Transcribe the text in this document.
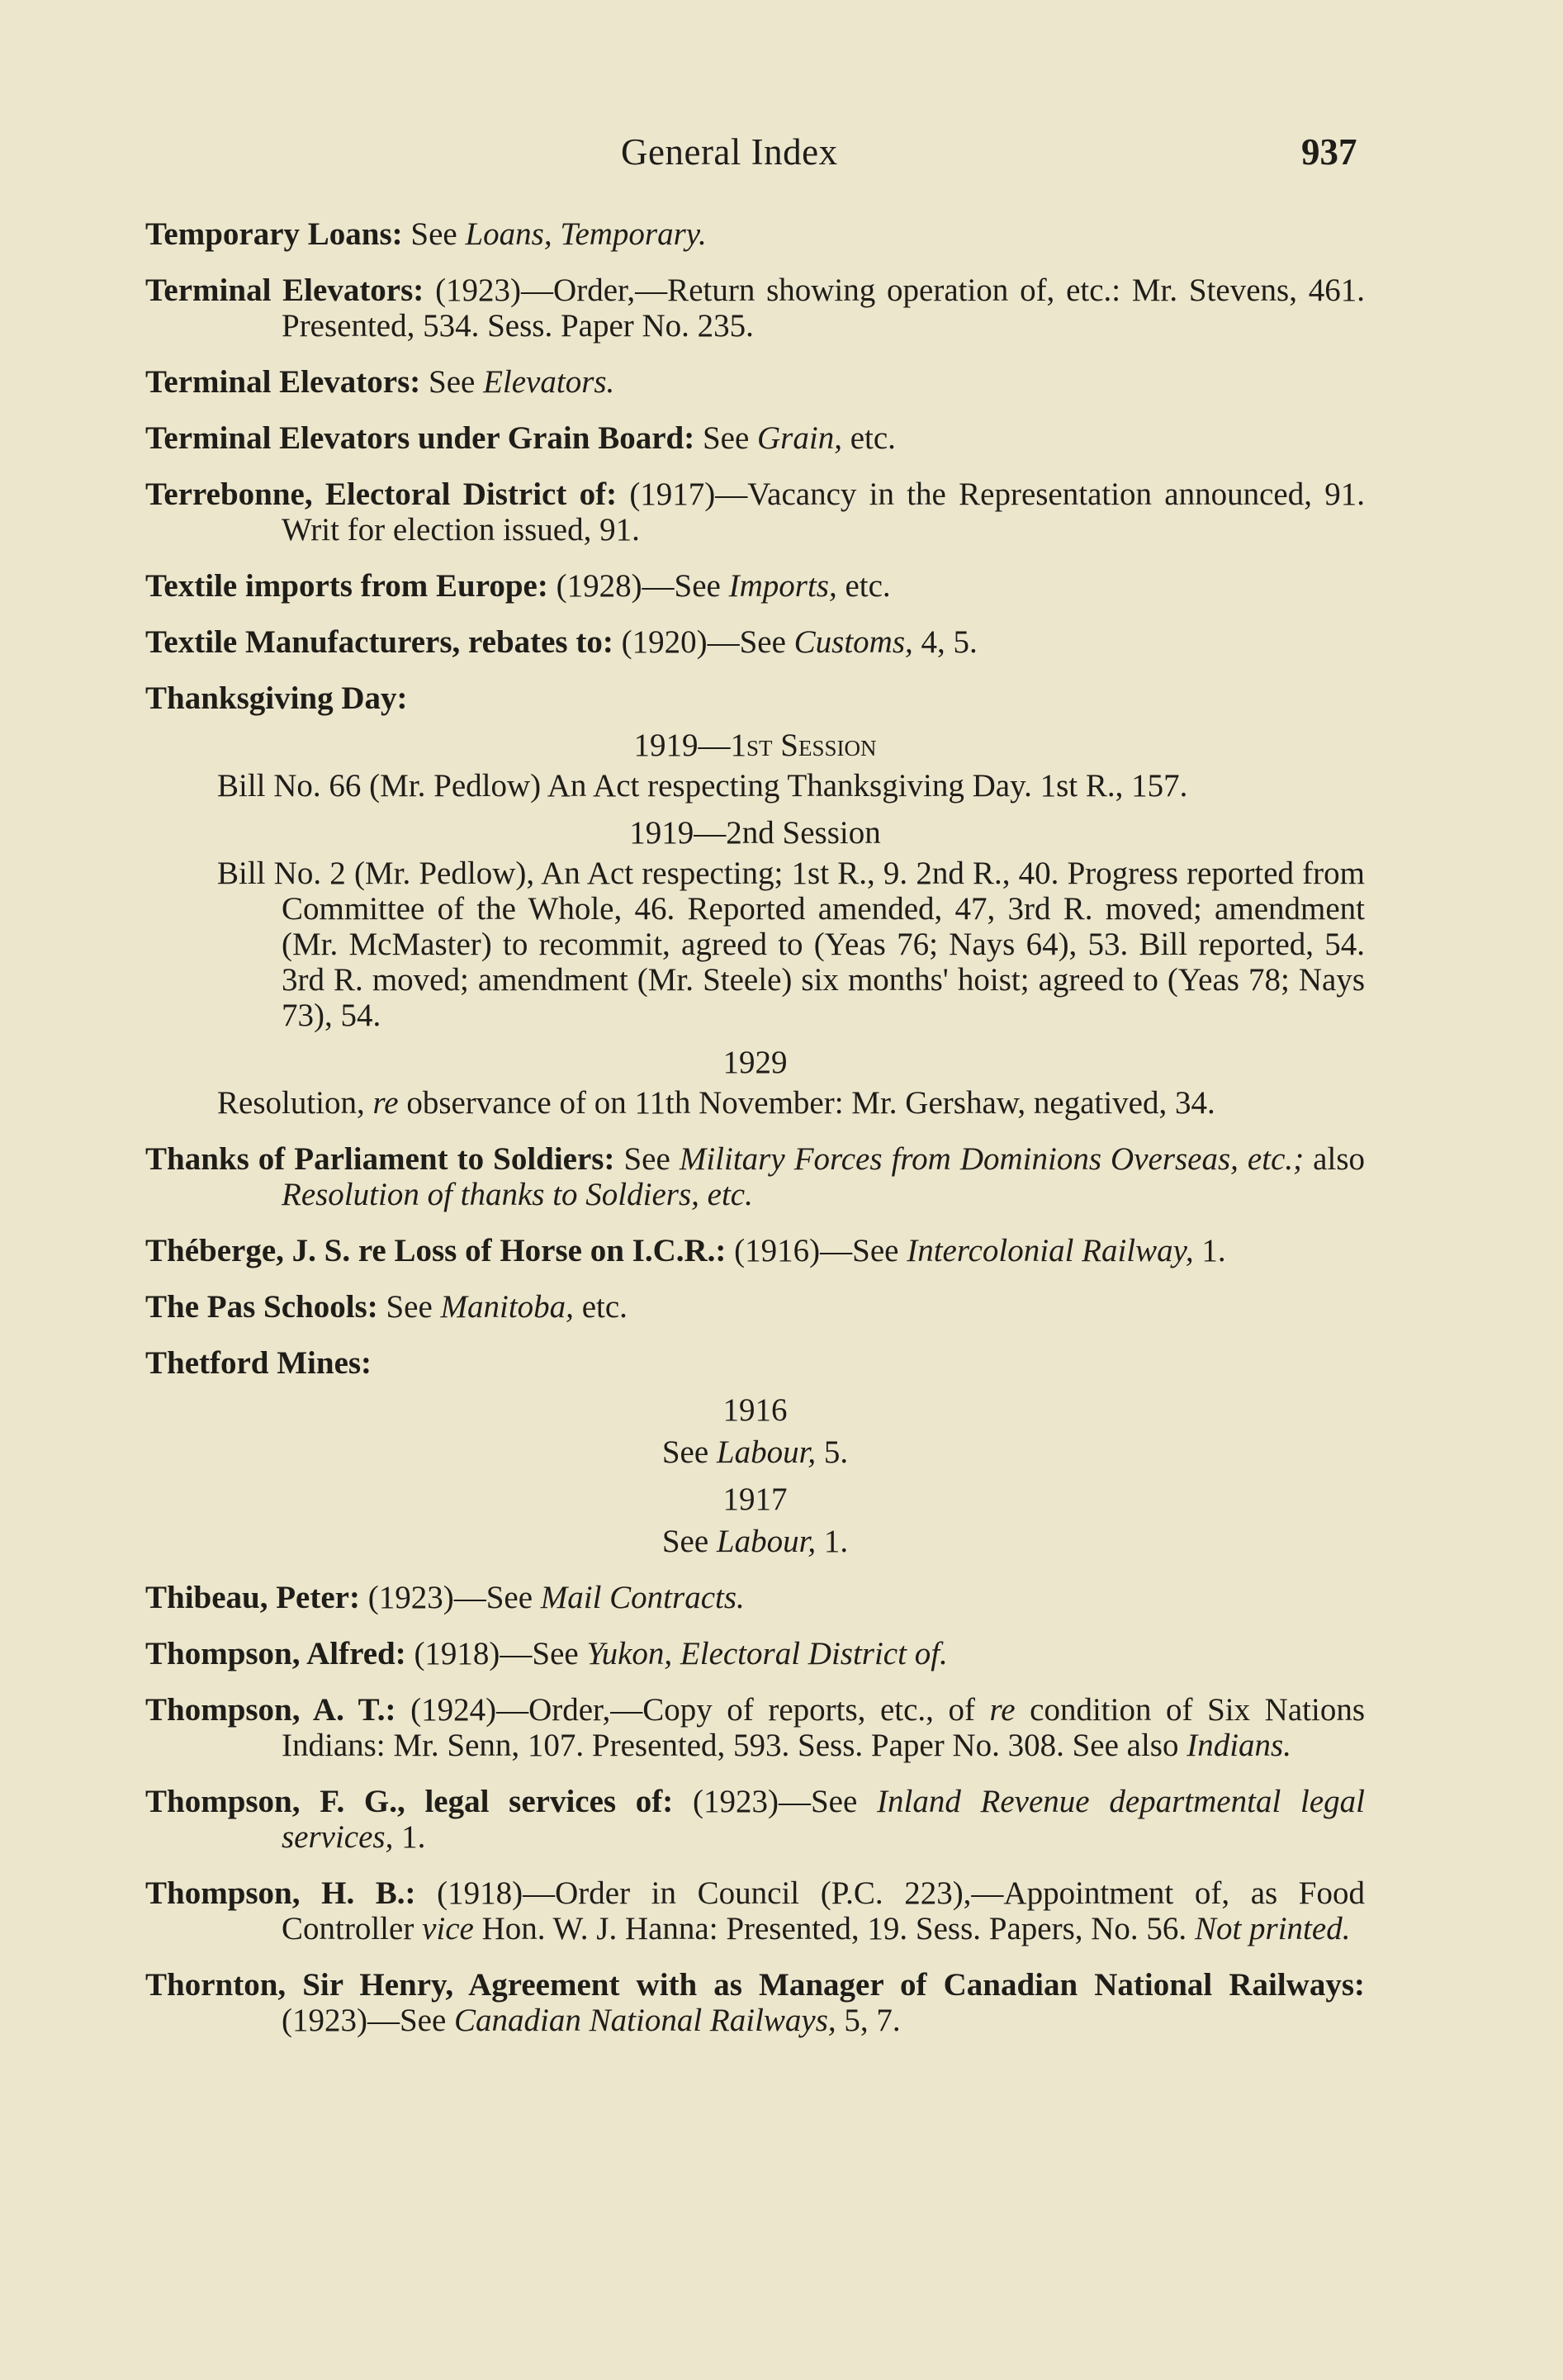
General Index	937

Temporary Loans: See Loans, Temporary.

Terminal Elevators: (1923)—Order,—Return showing operation of, etc.: Mr. Stevens, 461. Presented, 534. Sess. Paper No. 235.

Terminal Elevators: See Elevators.

Terminal Elevators under Grain Board: See Grain, etc.

Terrebonne, Electoral District of: (1917)—Vacancy in the Representation announced, 91. Writ for election issued, 91.

Textile imports from Europe: (1928)—See Imports, etc.

Textile Manufacturers, rebates to: (1920)—See Customs, 4, 5.

Thanksgiving Day:
1919—1st Session

Bill No. 66 (Mr. Pedlow) An Act respecting Thanksgiving Day. 1st R., 157.

1919—2nd Session

Bill No. 2 (Mr. Pedlow), An Act respecting; 1st R., 9. 2nd R., 40. Progress reported from Committee of the Whole, 46. Reported amended, 47, 3rd R. moved; amendment (Mr. McMaster) to recommit, agreed to (Yeas 76; Nays 64), 53. Bill reported, 54. 3rd R. moved; amendment (Mr. Steele) six months' hoist; agreed to (Yeas 78; Nays 73), 54.

1929

Resolution, re observance of on 11th November: Mr. Gershaw, negatived, 34.

Thanks of Parliament to Soldiers: See Military Forces from Dominions Overseas, etc.; also Resolution of thanks to Soldiers, etc.

Théberge, J. S. re Loss of Horse on I.C.R.: (1916)—See Intercolonial Railway, 1.

The Pas Schools: See Manitoba, etc.

Thetford Mines:
1916
See Labour, 5.
1917
See Labour, 1.

Thibeau, Peter: (1923)—See Mail Contracts.

Thompson, Alfred: (1918)—See Yukon, Electoral District of.

Thompson, A. T.: (1924)—Order,—Copy of reports, etc., of re condition of Six Nations Indians: Mr. Senn, 107. Presented, 593. Sess. Paper No. 308. See also Indians.

Thompson, F. G., legal services of: (1923)—See Inland Revenue departmental legal services, 1.

Thompson, H. B.: (1918)—Order in Council (P.C. 223),—Appointment of, as Food Controller vice Hon. W. J. Hanna: Presented, 19. Sess. Papers, No. 56. Not printed.

Thornton, Sir Henry, Agreement with as Manager of Canadian National Railways: (1923)—See Canadian National Railways, 5, 7.
